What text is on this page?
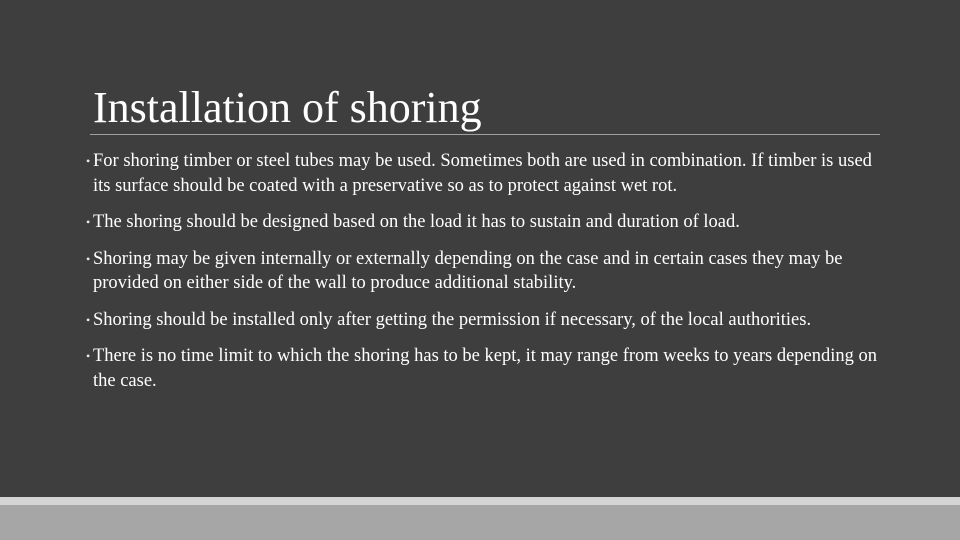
Installation of shoring
• For shoring timber or steel tubes may be used. Sometimes both are used in combination. If timber is used its surface should be coated with a preservative so as to protect against wet rot.
• The shoring should be designed based on the load it has to sustain and duration of load.
• Shoring may be given internally or externally depending on the case and in certain cases they may be provided on either side of the wall to produce additional stability.
• Shoring should be installed only after getting the permission if necessary, of the local authorities.
• There is no time limit to which the shoring has to be kept, it may range from weeks to years depending on the case.
